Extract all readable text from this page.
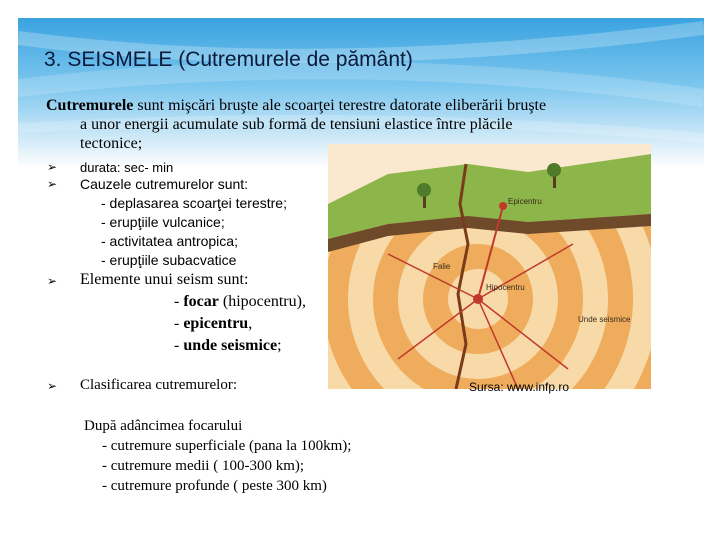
3. SEISMELE (Cutremurele de pământ)
Cutremurele sunt mişcări bruşte ale scoarţei terestre datorate eliberării bruşte
a unor energii acumulate sub formă de tensiuni elastice între plăcile
tectonice;
➢ durata: sec- min
➢ Cauzele cutremurelor sunt:
- deplasarea scoarţei terestre;
- erupţiile vulcanice;
- activitatea antropica;
- erupţiile subacvatice
➢ Elemente unui seism sunt:
- focar (hipocentru),
- epicentru,
- unde seismice;
➢ Clasificarea cutremurelor:
După adâncimea focarului
- cutremure superficiale (pana la 100km);
- cutremure medii ( 100-300 km);
- cutremure profunde ( peste 300 km)
Epicentru
Hipocentru
Falie
Unde seismice
Sursa: www.infp.ro
